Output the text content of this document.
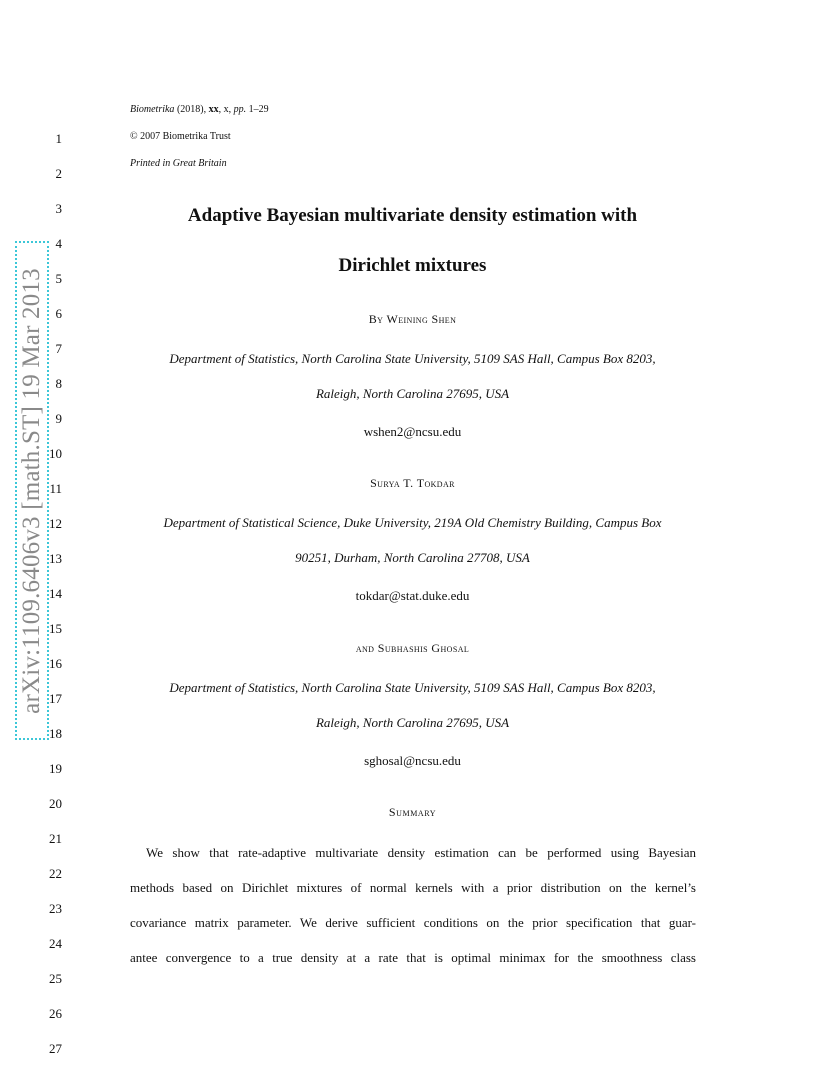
Biometrika (2018), xx, x, pp. 1–29
© 2007 Biometrika Trust
Printed in Great Britain
1
2
3
4
5
6
7
8
9
10
11
12
13
14
15
16
17
18
19
20
21
22
23
24
25
26
27
arXiv:1109.6406v3 [math.ST] 19 Mar 2013
Adaptive Bayesian multivariate density estimation with
Dirichlet mixtures
By Weining Shen
Department of Statistics, North Carolina State University, 5109 SAS Hall, Campus Box 8203,
Raleigh, North Carolina 27695, USA
wshen2@ncsu.edu
Surya T. Tokdar
Department of Statistical Science, Duke University, 219A Old Chemistry Building, Campus Box
90251, Durham, North Carolina 27708, USA
tokdar@stat.duke.edu
and Subhashis Ghosal
Department of Statistics, North Carolina State University, 5109 SAS Hall, Campus Box 8203,
Raleigh, North Carolina 27695, USA
sghosal@ncsu.edu
Summary
We show that rate-adaptive multivariate density estimation can be performed using Bayesian
methods based on Dirichlet mixtures of normal kernels with a prior distribution on the kernel’s
covariance matrix parameter. We derive sufficient conditions on the prior specification that guar-
antee convergence to a true density at a rate that is optimal minimax for the smoothness class
